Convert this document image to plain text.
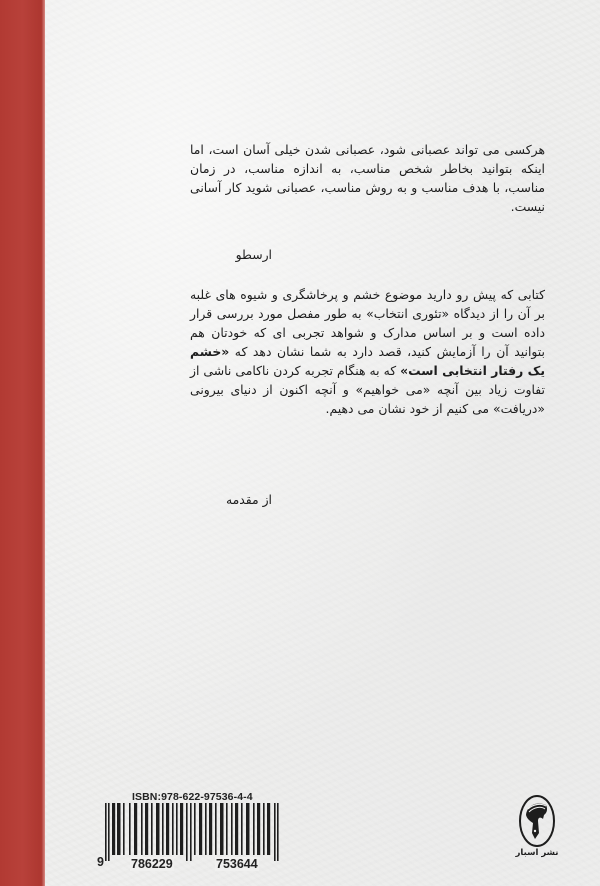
هرکسی می تواند عصبانی شود، عصبانی شدن خیلی آسان است، اما اینکه بتوانید بخاطر شخص مناسب، به اندازه مناسب، در زمان مناسب، با هدف مناسب و به روش مناسب، عصبانی شوید کار آسانی نیست.
ارسطو
کتابی که پیش رو دارید موضوع خشم و پرخاشگری و شیوه های غلبه بر آن را از دیدگاه «تئوری انتخاب» به طور مفصل مورد بررسی قرار داده است و بر اساس مدارک و شواهد تجربی ای که خودتان هم بتوانید آن را آزمایش کنید، قصد دارد به شما نشان دهد که «خشم یک رفتار انتخابی است» که به هنگام تجربه کردن ناکامی ناشی از تفاوت زیاد بین آنچه «می خواهیم» و آنچه اکنون از دنیای بیرونی «دریافت» می کنیم از خود نشان می دهیم.
از مقدمه
ISBN:978-622-97536-4-4
9 786229	753644
نشر اسبار
